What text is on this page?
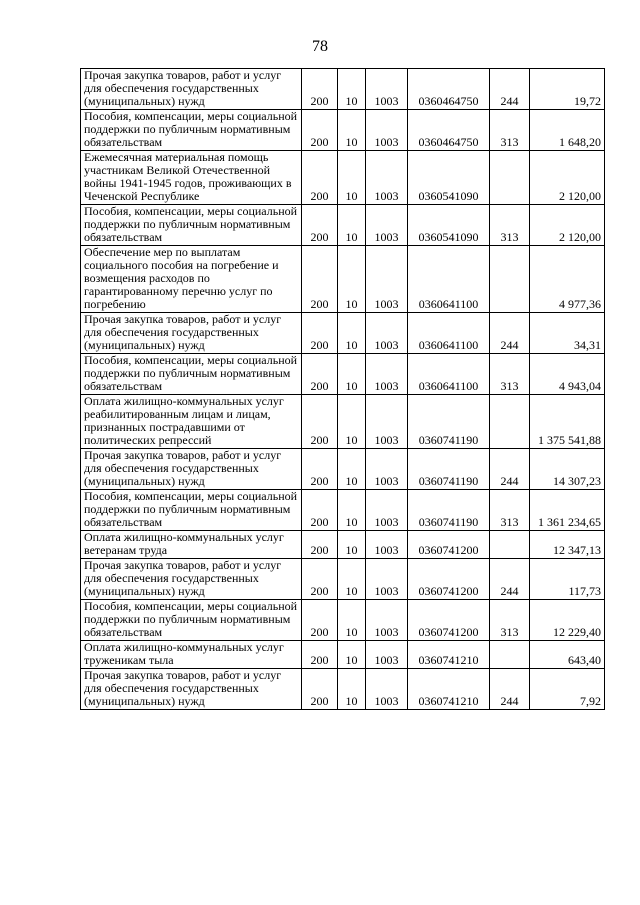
78
Прочая закупка товаров, работ и услуг для обеспечения государственных (муниципальных) нужд	200	10	1003	0360464750	244	19,72
Пособия, компенсации, меры социальной поддержки по публичным нормативным обязательствам	200	10	1003	0360464750	313	1 648,20
Ежемесячная материальная помощь участникам Великой Отечественной войны 1941-1945 годов, проживающих в Чеченской Республике	200	10	1003	0360541090		2 120,00
Пособия, компенсации, меры социальной поддержки по публичным нормативным обязательствам	200	10	1003	0360541090	313	2 120,00
Обеспечение мер по выплатам социального пособия на погребение и возмещения расходов по гарантированному перечню услуг по погребению	200	10	1003	0360641100		4 977,36
Прочая закупка товаров, работ и услуг для обеспечения государственных (муниципальных) нужд	200	10	1003	0360641100	244	34,31
Пособия, компенсации, меры социальной поддержки по публичным нормативным обязательствам	200	10	1003	0360641100	313	4 943,04
Оплата жилищно-коммунальных услуг реабилитированным лицам и лицам, признанных пострадавшими от политических репрессий	200	10	1003	0360741190		1 375 541,88
Прочая закупка товаров, работ и услуг для обеспечения государственных (муниципальных) нужд	200	10	1003	0360741190	244	14 307,23
Пособия, компенсации, меры социальной поддержки по публичным нормативным обязательствам	200	10	1003	0360741190	313	1 361 234,65
Оплата жилищно-коммунальных услуг ветеранам труда	200	10	1003	0360741200		12 347,13
Прочая закупка товаров, работ и услуг для обеспечения государственных (муниципальных) нужд	200	10	1003	0360741200	244	117,73
Пособия, компенсации, меры социальной поддержки по публичным нормативным обязательствам	200	10	1003	0360741200	313	12 229,40
Оплата жилищно-коммунальных услуг труженикам тыла	200	10	1003	0360741210		643,40
Прочая закупка товаров, работ и услуг для обеспечения государственных (муниципальных) нужд	200	10	1003	0360741210	244	7,92
